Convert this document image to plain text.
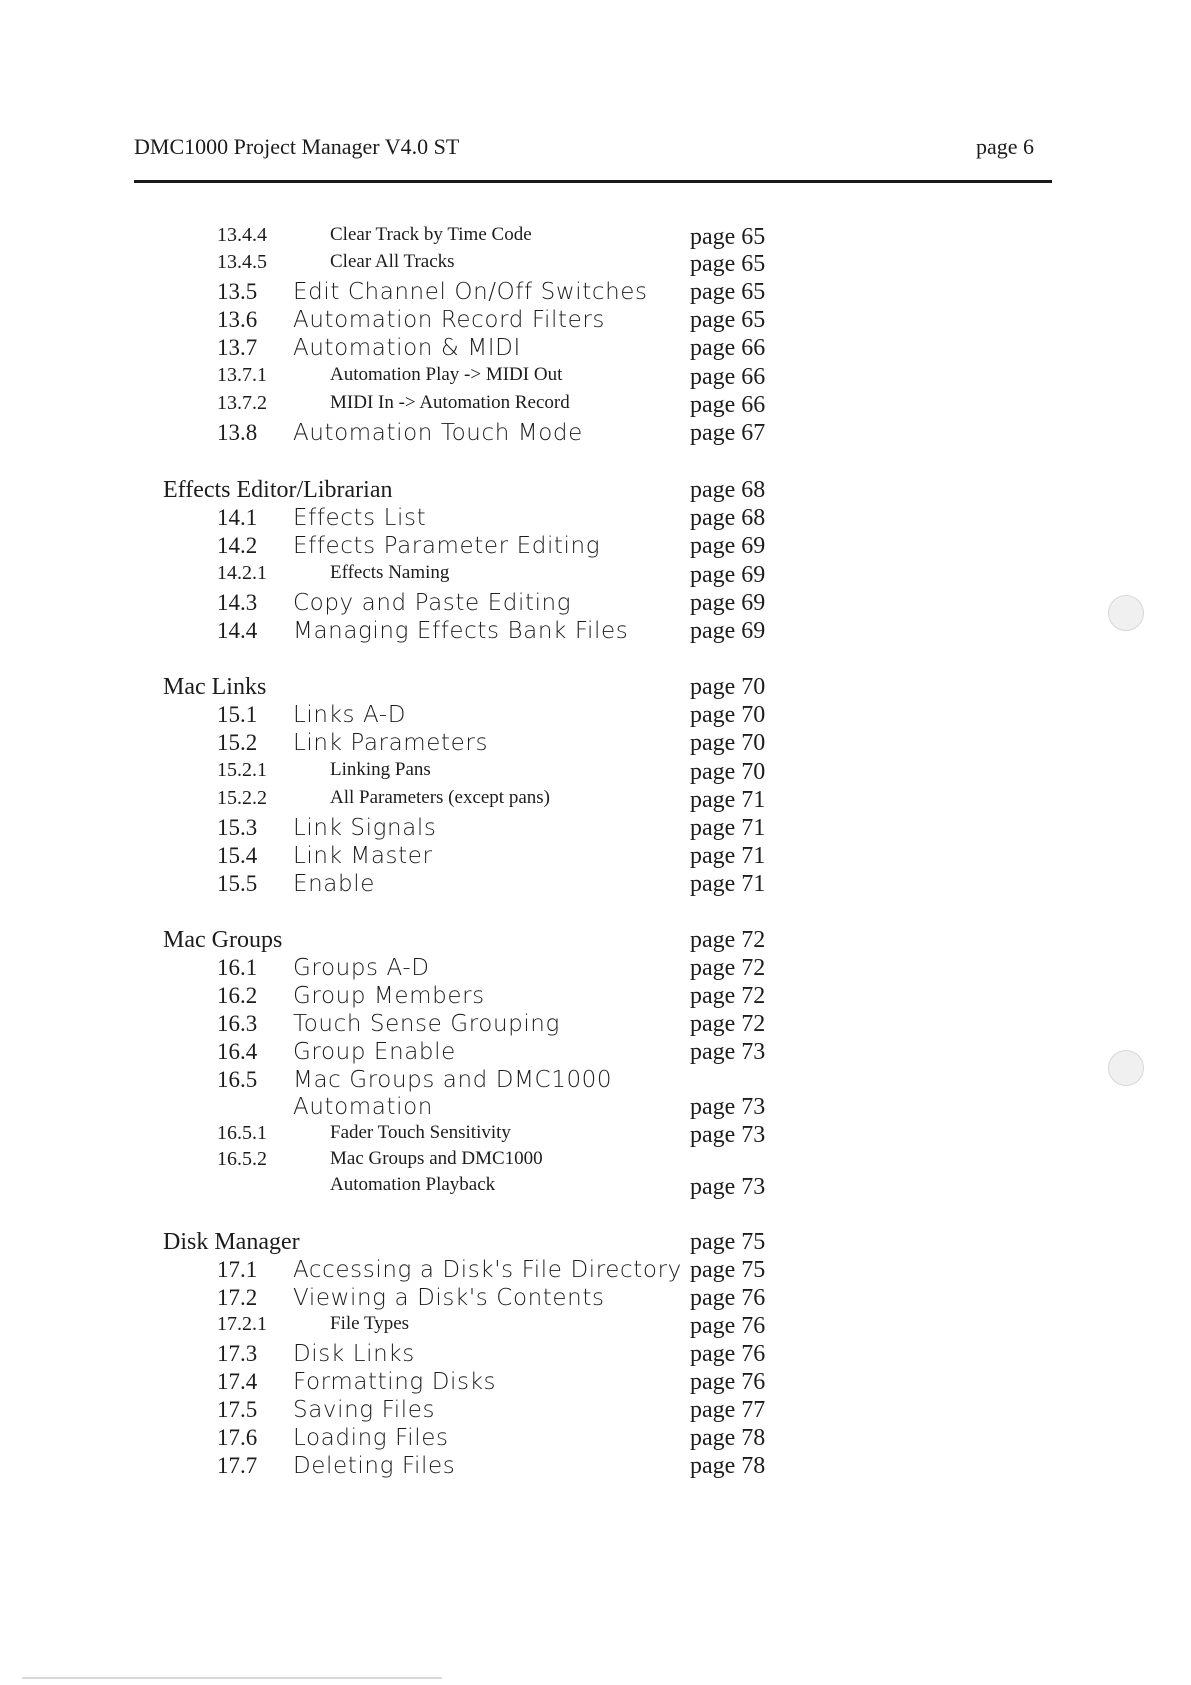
DMC1000 Project Manager V4.0 ST	page 6
13.4.4	Clear Track by Time Code	page 65
13.4.5	Clear All Tracks	page 65
13.5 Edit Channel On/Off Switches page 65
13.6 Automation Record Filters	page 65
13.7 Automation & MIDI	page 66
13.7.1	Automation Play -> MIDI Out	page 66
13.7.2	MIDI In -> Automation Record	page 66
13.8 Automation Touch Mode	page 67
Effects Editor/Librarian	page 68
14.1 Effects List	page 68
14.2 Effects Parameter Editing	page 69
14.2.1	Effects Naming	page 69
14.3 Copy and Paste Editing	page 69
14.4 Managing Effects Bank Files	page 69
Mac Links	page 70
15.1 Links A-D	page 70
15.2 Link Parameters	page 70
15.2.1	Linking Pans	page 70
15.2.2	All Parameters (except pans)	page 71
15.3 Link Signals	page 71
15.4 Link Master	page 71
15.5 Enable	page 71
Mac Groups	page 72
16.1 Groups A-D	page 72
16.2 Group Members	page 72
16.3 Touch Sense Grouping	page 72
16.4 Group Enable	page 73
16.5 Mac Groups and DMC1000
Automation	page 73
16.5.1	Fader Touch Sensitivity	page 73
16.5.2	Mac Groups and DMC1000
Automation Playback	page 73
Disk Manager	page 75
17.1 Accessing a Disk's File Directory page 75
17.2 Viewing a Disk's Contents	page 76
17.2.1	File Types	page 76
17.3 Disk Links	page 76
17.4 Formatting Disks	page 76
17.5 Saving Files	page 77
17.6 Loading Files	page 78
17.7 Deleting Files	page 78
